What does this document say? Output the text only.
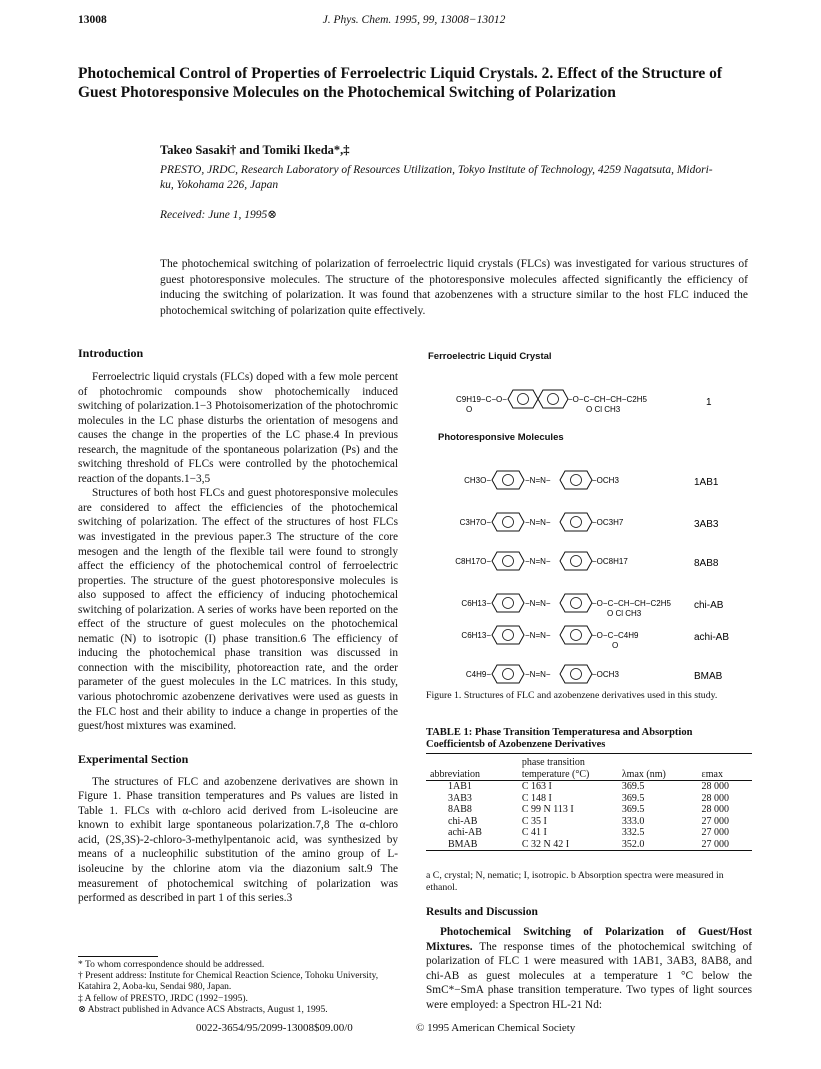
13008	J. Phys. Chem. 1995, 99, 13008−13012
Photochemical Control of Properties of Ferroelectric Liquid Crystals. 2. Effect of the Structure of Guest Photoresponsive Molecules on the Photochemical Switching of Polarization
Takeo Sasaki† and Tomiki Ikeda*,‡
PRESTO, JRDC, Research Laboratory of Resources Utilization, Tokyo Institute of Technology, 4259 Nagatsuta, Midori-ku, Yokohama 226, Japan
Received: June 1, 1995⊗
The photochemical switching of polarization of ferroelectric liquid crystals (FLCs) was investigated for various structures of guest photoresponsive molecules. The structure of the photoresponsive molecules affected significantly the efficiency of inducing the switching of polarization. It was found that azobenzenes with a structure similar to the host FLC induced the photochemical switching of polarization quite effectively.
Introduction

Ferroelectric liquid crystals (FLCs) doped with a few mole percent of photochromic compounds show photochemically induced switching of polarization.1−3 Photoisomerization of the photochromic molecules in the LC phase disturbs the orientation of mesogens and causes the change in the properties of the LC phase.4 In previous research, the magnitude of the spontaneous polarization (Ps) and the switching threshold of FLCs were controlled by the photochemical reaction of the dopants.1−3,5

Structures of both host FLCs and guest photoresponsive molecules are considered to affect the efficiencies of the photochemical switching of polarization. The effect of the structures of host FLCs was investigated in the previous paper.3 The structure of the core mesogen and the length of the flexible tail were found to strongly affect the efficiency of the photochemical control of ferroelectric properties. The structure of the guest photoresponsive molecules is also supposed to affect the efficiency of inducing photochemical switching of polarization. A series of works have been reported on the effect of the structure of guest molecules on the photochemical nematic (N) to isotropic (I) phase transition.6 The efficiency of inducing the photochemical phase transition was discussed in connection with the miscibility, photoreaction rate, and the order parameter of the guest molecules in the LC matrices. In this study, various photochromic azobenzene derivatives were used as guests in the FLC host and their ability to induce a change in properties of the guest/host mixtures was examined.

Experimental Section

The structures of FLC and azobenzene derivatives are shown in Figure 1. Phase transition temperatures and Ps values are listed in Table 1. FLCs with α-chloro acid derived from L-isoleucine are known to exhibit large spontaneous polarization.7,8 The α-chloro acid, (2S,3S)-2-chloro-3-methylpentanoic acid, was synthesized by means of a nucleophilic substitution of the amino group of L-isoleucine by the chlorine atom via the diazonium salt.9 The measurement of photochemical switching of polarization was performed as described in part 1 of this series.3

* To whom correspondence should be addressed.
† Present address: Institute for Chemical Reaction Science, Tohoku University, Katahira 2, Aoba-ku, Sendai 980, Japan.
‡ A fellow of PRESTO, JRDC (1992−1995).
⊗ Abstract published in Advance ACS Abstracts, August 1, 1995.
0022-3654/95/2099-13008$09.00/0	© 1995 American Chemical Society
Ferroelectric Liquid Crystal
C9H19−C−O−
O
−O−C−CH−CH−C2H5
O Cl CH3
1
Photoresponsive Molecules
CH3O−	−N=N−	−OCH3	1AB1
C3H7O−	−N=N−	−OC3H7	3AB3
C8H17O−	−N=N−	−OC8H17	8AB8
C6H13−	−N=N−	−O−C−CH−CH−C2H5
O Cl CH3
chi-AB
C6H13−	−N=N−	−O−C−C4H9
O
achi-AB
C4H9−	−N=N−	−OCH3	BMAB
Figure 1. Structures of FLC and azobenzene derivatives used in this study.
TABLE 1: Phase Transition Temperaturesa and Absorption Coefficientsb of Azobenzene Derivatives
abbreviation	phase transition temperature (°C)	λmax (nm)	εmax

1AB1	C 163 I	369.5	28 000
3AB3	C 148 I	369.5	28 000
8AB8	C 99 N 113 I	369.5	28 000
chi-AB	C 35 I	333.0	27 000
achi-AB	C 41 I	332.5	27 000
BMAB	C 32 N 42 I	352.0	27 000

a C, crystal; N, nematic; I, isotropic. b Absorption spectra were measured in ethanol.
Results and Discussion
Photochemical Switching of Polarization of Guest/Host Mixtures. The response times of the photochemical switching of polarization of FLC 1 were measured with 1AB1, 3AB3, 8AB8, and chi-AB as guest molecules at a temperature 1 °C below the SmC*−SmA phase transition temperature. Two types of light sources were employed: a Spectron HL-21 Nd:
